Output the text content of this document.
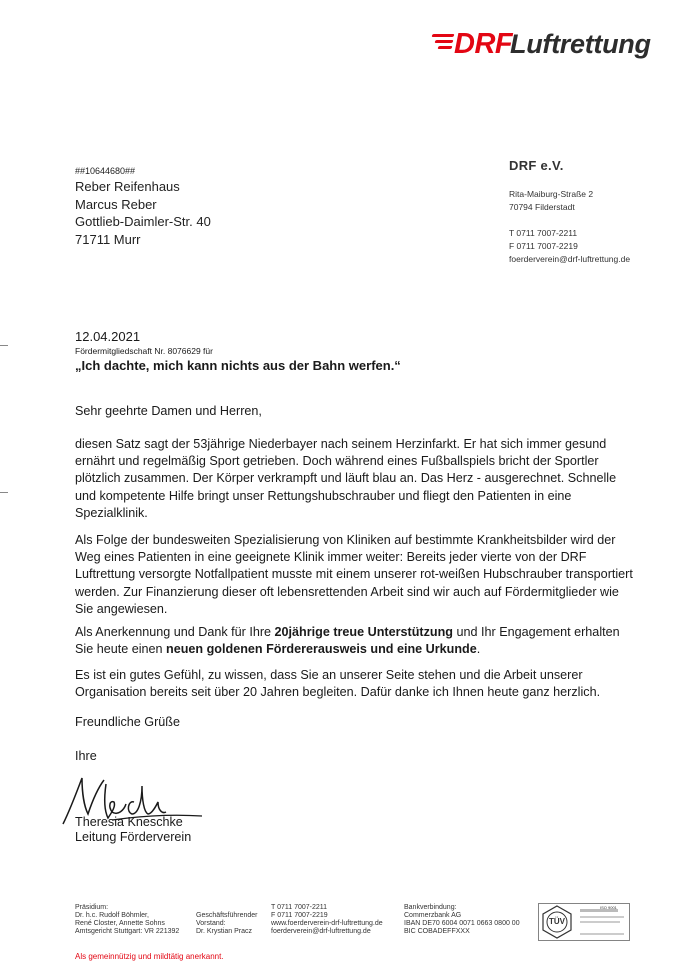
DRF
Luftrettung
DRF e.V.
Rita-Maiburg-Straße 2
70794 Filderstadt
T 0711 7007-2211
F 0711 7007-2219
foerderverein@drf-luftrettung.de
##10644680##
Reber Reifenhaus
Marcus Reber
Gottlieb-Daimler-Str. 40
71711 Murr
12.04.2021
Fördermitgliedschaft Nr. 8076629 für
„Ich dachte, mich kann nichts aus der Bahn werfen.“
Sehr geehrte Damen und Herren,
diesen Satz sagt der 53jährige Niederbayer nach seinem Herzinfarkt. Er hat sich immer gesund ernährt und regelmäßig Sport getrieben. Doch während eines Fußballspiels bricht der Sportler plötzlich zusammen. Der Körper verkrampft und läuft blau an. Das Herz - ausgerechnet. Schnelle und kompetente Hilfe bringt unser Rettungshubschrauber und fliegt den Patienten in eine Spezialklinik.
Als Folge der bundesweiten Spezialisierung von Kliniken auf bestimmte Krankheitsbilder wird der Weg eines Patienten in eine geeignete Klinik immer weiter: Bereits jeder vierte von der DRF Luftrettung versorgte Notfallpatient musste mit einem unserer rot-weißen Hubschrauber transportiert werden. Zur Finanzierung dieser oft lebensrettenden Arbeit sind wir auch auf Fördermitglieder wie Sie angewiesen.
Als Anerkennung und Dank für Ihre 20jährige treue Unterstützung und Ihr Engagement erhalten Sie heute einen neuen goldenen Fördererausweis und eine Urkunde.
Es ist ein gutes Gefühl, zu wissen, dass Sie an unserer Seite stehen und die Arbeit unserer Organisation bereits seit über 20 Jahren begleiten. Dafür danke ich Ihnen heute ganz herzlich.
Freundliche Grüße
Ihre
Theresia Kneschke
Leitung Förderverein
Präsidium:
Dr. h.c. Rudolf Böhmler,
René Closter, Annette Sohns
Amtsgericht Stuttgart: VR 221392
Geschäftsführender
Vorstand:
Dr. Krystian Pracz
T 0711 7007-2211
F 0711 7007-2219
www.foerderverein-drf-luftrettung.de
foerderverein@drf-luftrettung.de
Bankverbindung:
Commerzbank AG
IBAN DE70 6004 0071 0663 0800 00
BIC COBADEFFXXX
TÜV
ISO 9001
Als gemeinnützig und mildtätig anerkannt.
